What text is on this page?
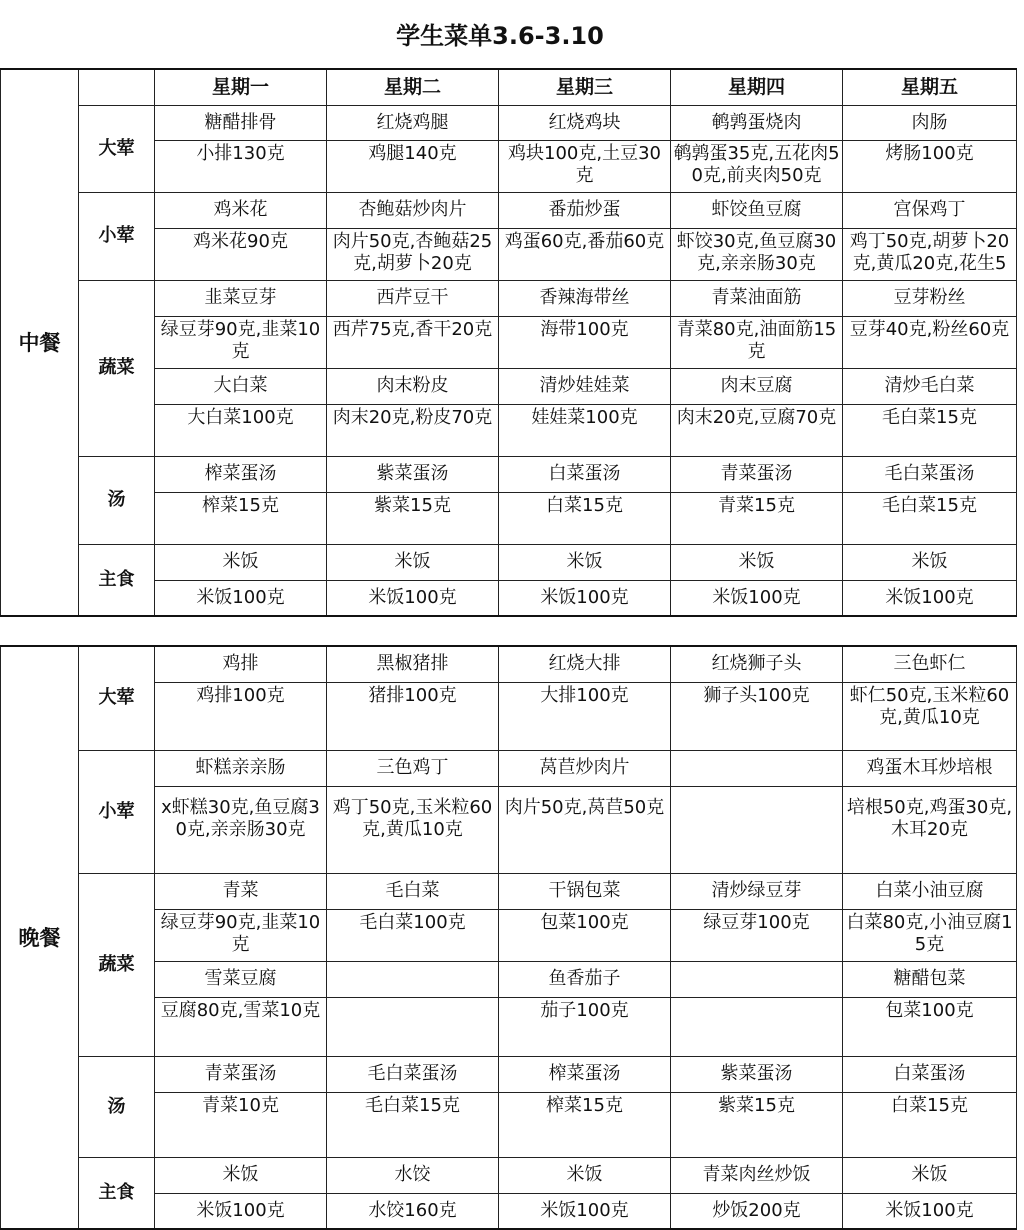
学生菜单3.6-3.10
中餐		星期一	星期二	星期三	星期四	星期五
	大荤	糖醋排骨	红烧鸡腿	红烧鸡块	鹌鹑蛋烧肉	肉肠

		小排130克	鸡腿140克	鸡块100克,土豆30克	鹌鹑蛋35克,五花肉50克,前夹肉50克	烤肠100克

	小荤	鸡米花	杏鲍菇炒肉片	番茄炒蛋	虾饺鱼豆腐	宫保鸡丁

		鸡米花90克	肉片50克,杏鲍菇25克,胡萝卜20克	鸡蛋60克,番茄60克	虾饺30克,鱼豆腐30克,亲亲肠30克	鸡丁50克,胡萝卜20克,黄瓜20克,花生5

	蔬菜	韭菜豆芽	西芹豆干	香辣海带丝	青菜油面筋	豆芽粉丝

		绿豆芽90克,韭菜10克	西芹75克,香干20克	海带100克	青菜80克,油面筋15克	豆芽40克,粉丝60克

		大白菜	肉末粉皮	清炒娃娃菜	肉末豆腐	清炒毛白菜

		大白菜100克	肉末20克,粉皮70克	娃娃菜100克	肉末20克,豆腐70克	毛白菜15克

	汤	榨菜蛋汤	紫菜蛋汤	白菜蛋汤	青菜蛋汤	毛白菜蛋汤

		榨菜15克	紫菜15克	白菜15克	青菜15克	毛白菜15克

	主食	米饭	米饭	米饭	米饭	米饭
		米饭100克	米饭100克	米饭100克	米饭100克	米饭100克
晚餐	大荤	鸡排	黑椒猪排	红烧大排	红烧狮子头	三色虾仁

		鸡排100克	猪排100克	大排100克	狮子头100克	虾仁50克,玉米粒60克,黄瓜10克

	小荤	虾糕亲亲肠	三色鸡丁	莴苣炒肉片		鸡蛋木耳炒培根

		x虾糕30克,鱼豆腐30克,亲亲肠30克	鸡丁50克,玉米粒60克,黄瓜10克	肉片50克,莴苣50克		培根50克,鸡蛋30克,木耳20克

	蔬菜	青菜	毛白菜	干锅包菜	清炒绿豆芽	白菜小油豆腐

		绿豆芽90克,韭菜10克	毛白菜100克	包菜100克	绿豆芽100克	白菜80克,小油豆腐15克

		雪菜豆腐		鱼香茄子		糖醋包菜

		豆腐80克,雪菜10克		茄子100克		包菜100克

	汤	青菜蛋汤	毛白菜蛋汤	榨菜蛋汤	紫菜蛋汤	白菜蛋汤

		青菜10克	毛白菜15克	榨菜15克	紫菜15克	白菜15克

	主食	米饭	水饺	米饭	青菜肉丝炒饭	米饭
		米饭100克	水饺160克	米饭100克	炒饭200克	米饭100克
